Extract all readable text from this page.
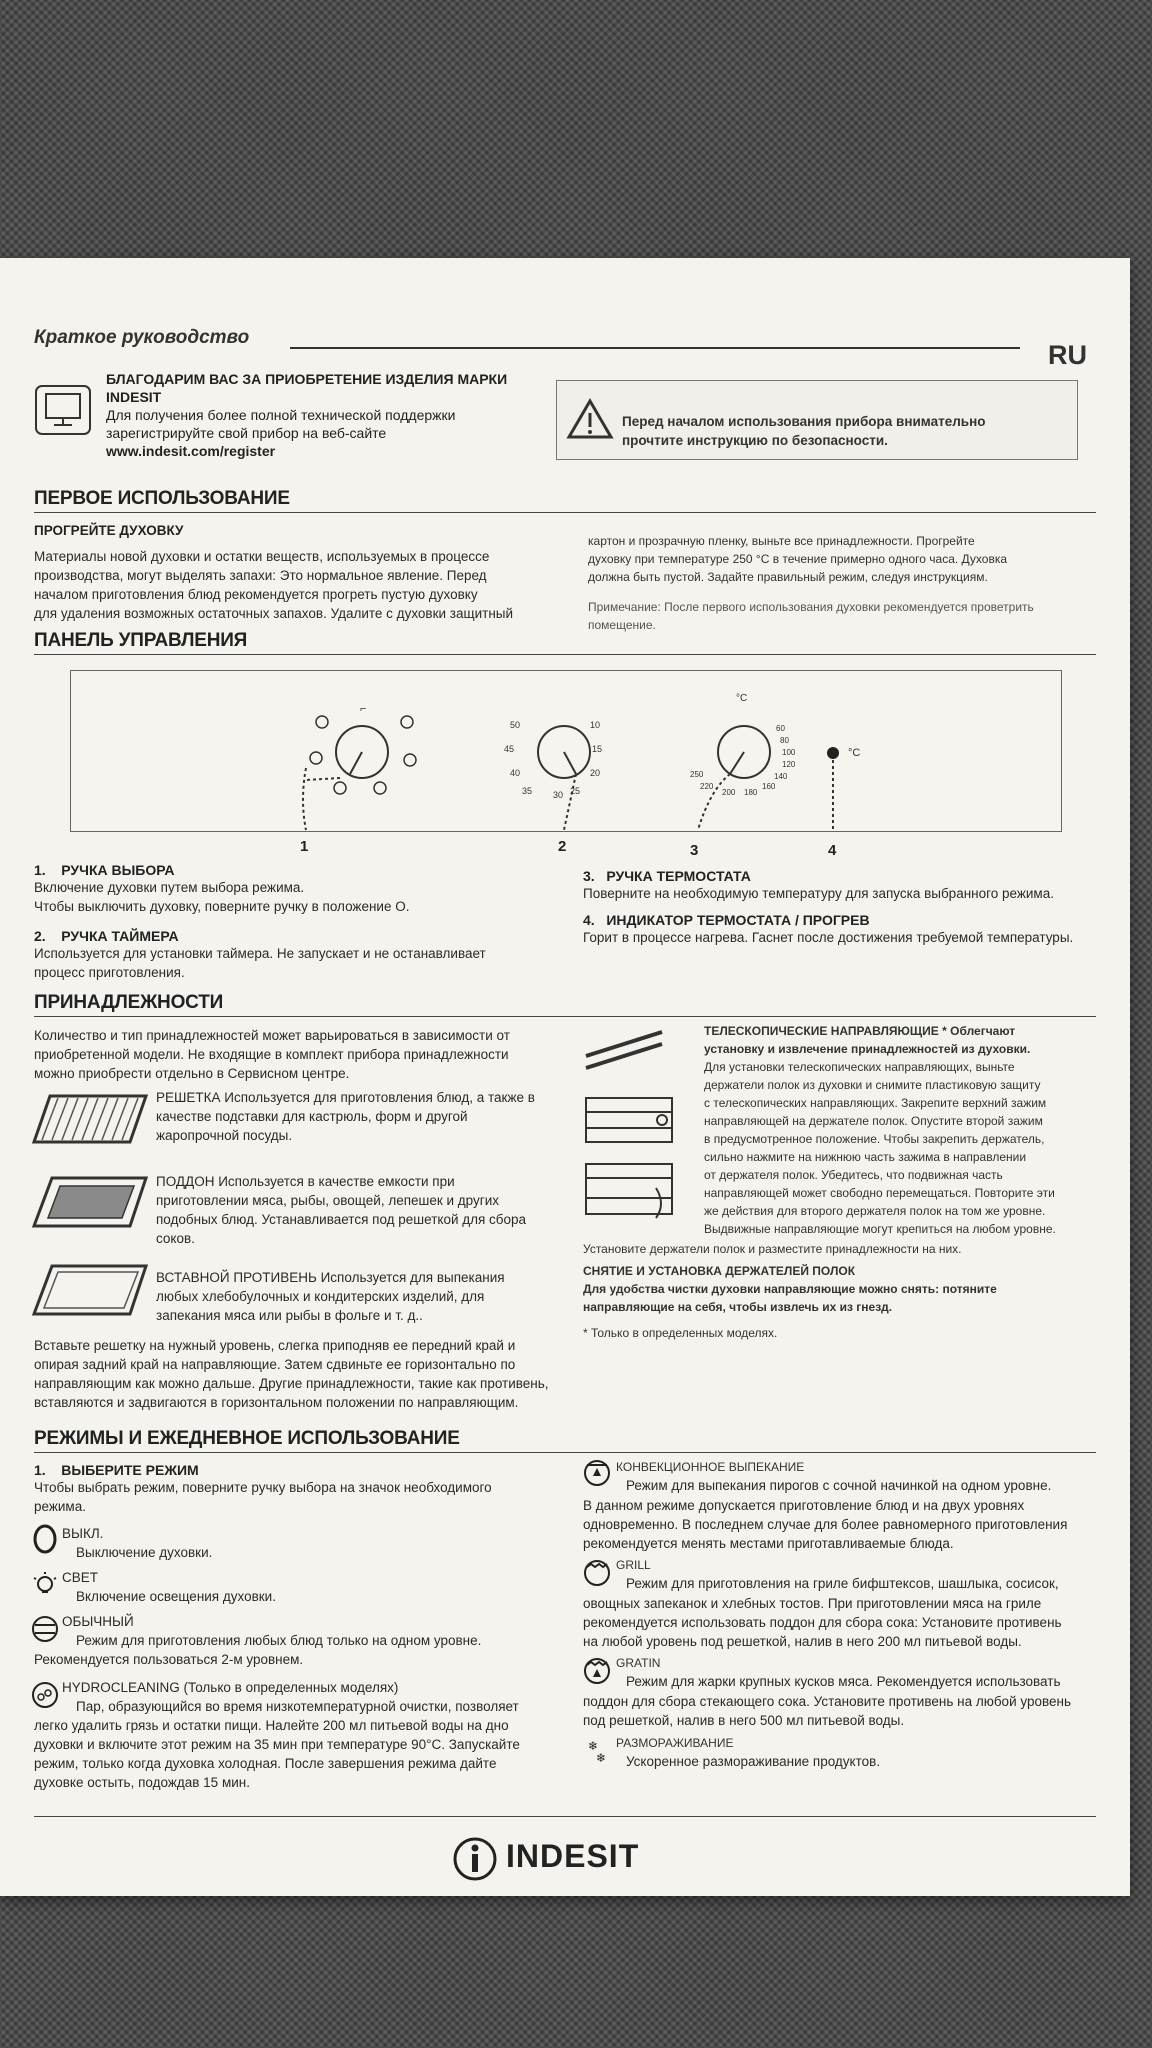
Краткое руководство
RU
БЛАГОДАРИМ ВАС ЗА ПРИОБРЕТЕНИЕ ИЗДЕЛИЯ МАРКИ
INDESIT
Для получения более полной технической поддержки
зарегистрируйте свой прибор на веб-сайте
www.indesit.com/register
Перед началом использования прибора внимательно
прочтите инструкцию по безопасности.
ПЕРВОЕ ИСПОЛЬЗОВАНИЕ
ПРОГРЕЙТЕ ДУХОВКУ
Материалы новой духовки и остатки веществ, используемых в процессе
производства, могут выделять запахи: Это нормальное явление. Перед
началом приготовления блюд рекомендуется прогреть пустую духовку
для удаления возможных остаточных запахов. Удалите с духовки защитный
картон и прозрачную пленку, выньте все принадлежности. Прогрейте
духовку при температуре 250 °C в течение примерно одного часа. Духовка
должна быть пустой. Задайте правильный режим, следуя инструкциям.
Примечание: После первого использования духовки рекомендуется проветрить
помещение.
ПАНЕЛЬ УПРАВЛЕНИЯ
⌐
50	10
45	15
40	20
35 30 25
60
80
100
120
140
160
180
200
220
250
°C
°C
1	2	3	4
1. РУЧКА ВЫБОРА
Включение духовки путем выбора режима.
Чтобы выключить духовку, поверните ручку в положение О.
2. РУЧКА ТАЙМЕРА
Используется для установки таймера. Не запускает и не останавливает
процесс приготовления.
3. РУЧКА ТЕРМОСТАТА
Поверните на необходимую температуру для запуска выбранного режима.
4. ИНДИКАТОР ТЕРМОСТАТА / ПРОГРЕВ
Горит в процессе нагрева. Гаснет после достижения требуемой температуры.
ПРИНАДЛЕЖНОСТИ
Количество и тип принадлежностей может варьироваться в зависимости от
приобретенной модели. Не входящие в комплект прибора принадлежности
можно приобрести отдельно в Сервисном центре.
РЕШЕТКА Используется для приготовления блюд, а также в
качестве подставки для кастрюль, форм и другой
жаропрочной посуды.
ПОДДОН Используется в качестве емкости при
приготовлении мяса, рыбы, овощей, лепешек и других
подобных блюд. Устанавливается под решеткой для сбора
соков.
ВСТАВНОЙ ПРОТИВЕНЬ Используется для выпекания
любых хлебобулочных и кондитерских изделий, для
запекания мяса или рыбы в фольге и т. д..
Вставьте решетку на нужный уровень, слегка приподняв ее передний край и
опирая задний край на направляющие. Затем сдвиньте ее горизонтально по
направляющим как можно дальше. Другие принадлежности, такие как противень,
вставляются и задвигаются в горизонтальном положении по направляющим.
ТЕЛЕСКОПИЧЕСКИЕ НАПРАВЛЯЮЩИЕ * Облегчают
установку и извлечение принадлежностей из духовки.
Для установки телескопических направляющих, выньте
держатели полок из духовки и снимите пластиковую защиту
с телескопических направляющих. Закрепите верхний зажим
направляющей на держателе полок. Опустите второй зажим
в предусмотренное положение. Чтобы закрепить держатель,
сильно нажмите на нижнюю часть зажима в направлении
от держателя полок. Убедитесь, что подвижная часть
направляющей может свободно перемещаться. Повторите эти
же действия для второго держателя полок на том же уровне.
Выдвижные направляющие могут крепиться на любом уровне.
Установите держатели полок и разместите принадлежности на них.
СНЯТИЕ И УСТАНОВКА ДЕРЖАТЕЛЕЙ ПОЛОК
Для удобства чистки духовки направляющие можно снять: потяните
направляющие на себя, чтобы извлечь их из гнезд.
* Только в определенных моделях.
РЕЖИМЫ И ЕЖЕДНЕВНОЕ ИСПОЛЬЗОВАНИЕ
1. ВЫБЕРИТЕ РЕЖИМ
Чтобы выбрать режим, поверните ручку выбора на значок необходимого
режима.
ВЫКЛ.
Выключение духовки.
СВЕТ
Включение освещения духовки.
ОБЫЧНЫЙ
Режим для приготовления любых блюд только на одном уровне.
Рекомендуется пользоваться 2-м уровнем.
HYDROCLEANING (Только в определенных моделях)
Пар, образующийся во время низкотемпературной очистки, позволяет
легко удалить грязь и остатки пищи. Налейте 200 мл питьевой воды на дно
духовки и включите этот режим на 35 мин при температуре 90°C. Запускайте
режим, только когда духовка холодная. После завершения режима дайте
духовке остыть, подождав 15 мин.
КОНВЕКЦИОННОЕ ВЫПЕКАНИЕ
Режим для выпекания пирогов с сочной начинкой на одном уровне.
В данном режиме допускается приготовление блюд и на двух уровнях
одновременно. В последнем случае для более равномерного приготовления
рекомендуется менять местами приготавливаемые блюда.
GRILL
Режим для приготовления на гриле бифштексов, шашлыка, сосисок,
овощных запеканок и хлебных тостов. При приготовлении мяса на гриле
рекомендуется использовать поддон для сбора сока: Установите противень
на любой уровень под решеткой, налив в него 200 мл питьевой воды.
GRATIN
Режим для жарки крупных кусков мяса. Рекомендуется использовать
поддон для сбора стекающего сока. Установите противень на любой уровень
под решеткой, налив в него 500 мл питьевой воды.
❄
❄
РАЗМОРАЖИВАНИЕ
Ускоренное размораживание продуктов.
INDESIT
